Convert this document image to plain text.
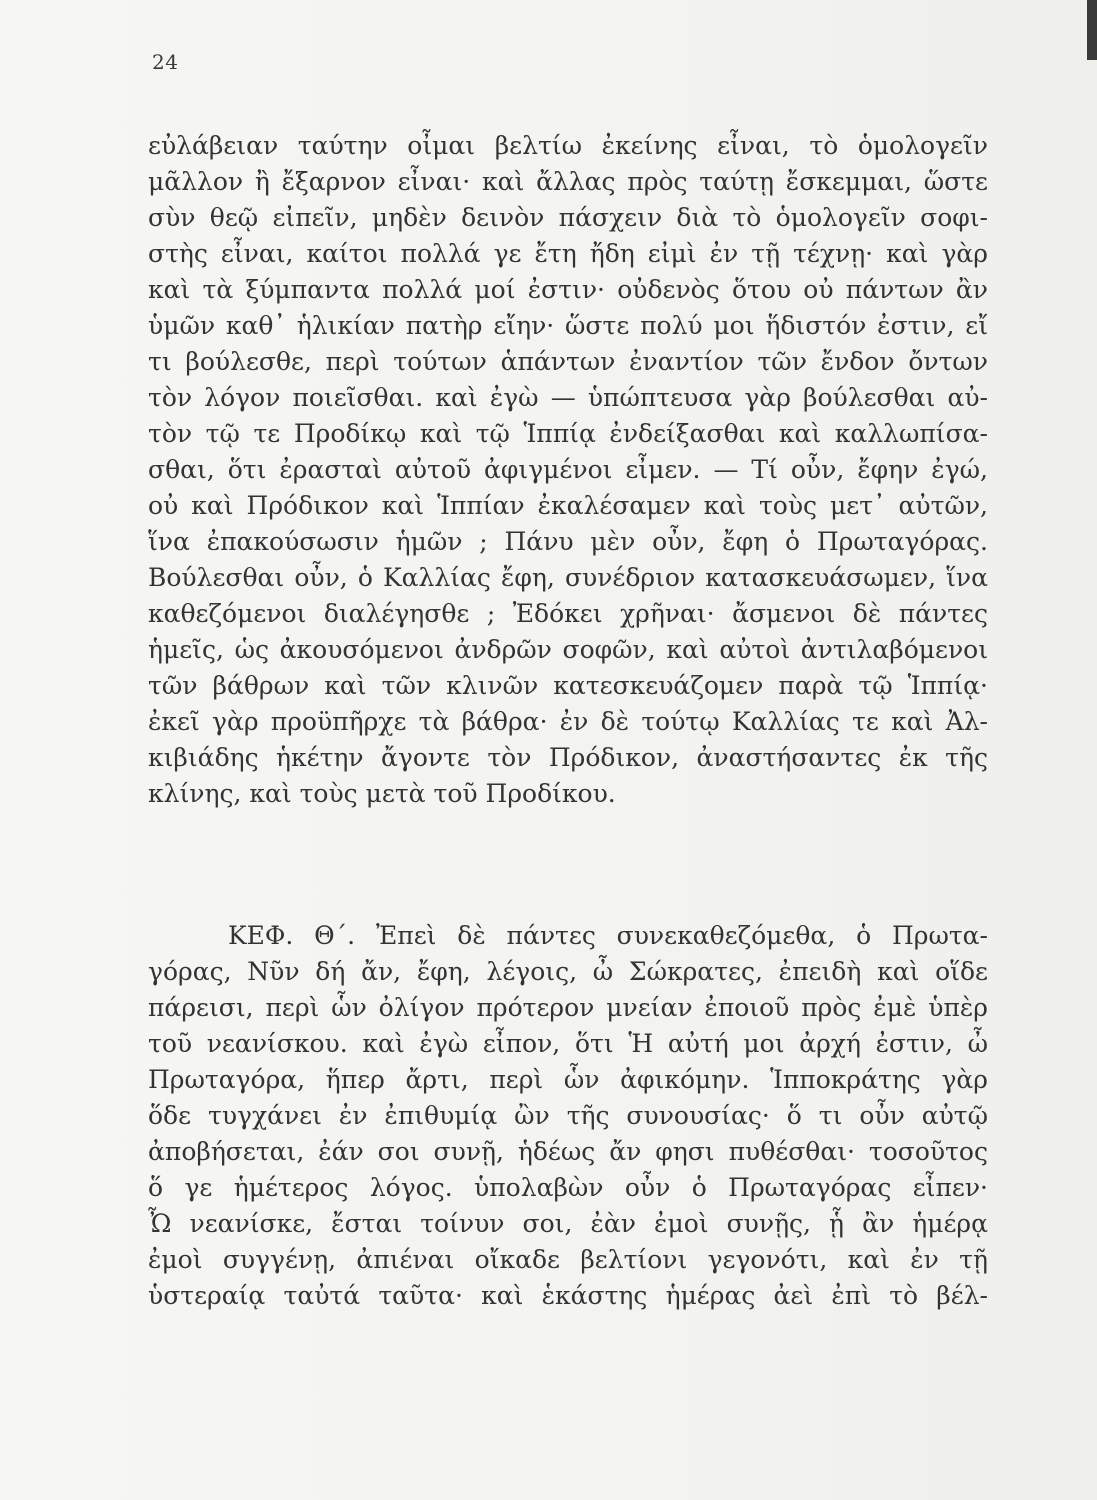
24
εὐλάβειαν ταύτην οἶμαι βελτίω ἐκείνης εἶναι, τὸ ὁμολογεῖν
μᾶλλον ἢ ἔξαρνον εἶναι· καὶ ἄλλας πρὸς ταύτῃ ἔσκεμμαι, ὥστε
σὺν θεῷ εἰπεῖν, μηδὲν δεινὸν πάσχειν διὰ τὸ ὁμολογεῖν σοφι-
στὴς εἶναι, καίτοι πολλά γε ἔτη ἤδη εἰμὶ ἐν τῇ τέχνῃ· καὶ γὰρ
καὶ τὰ ξύμπαντα πολλά μοί ἐστιν· οὐδενὸς ὅτου οὐ πάντων ἂν
ὑμῶν καθ᾽ ἡλικίαν πατὴρ εἴην· ὥστε πολύ μοι ἥδιστόν ἐστιν, εἴ
τι βούλεσθε, περὶ τούτων ἁπάντων ἐναντίον τῶν ἔνδον ὄντων
τὸν λόγον ποιεῖσθαι. καὶ ἐγὼ — ὑπώπτευσα γὰρ βούλεσθαι αὐ-
τὸν τῷ τε Προδίκῳ καὶ τῷ Ἱππίᾳ ἐνδείξασθαι καὶ καλλωπίσα-
σθαι, ὅτι ἐρασταὶ αὐτοῦ ἀφιγμένοι εἶμεν. — Τί οὖν, ἔφην ἐγώ,
οὐ καὶ Πρόδικον καὶ Ἱππίαν ἐκαλέσαμεν καὶ τοὺς μετ᾽ αὐτῶν,
ἵνα ἐπακούσωσιν ἡμῶν ; Πάνυ μὲν οὖν, ἔφη ὁ Πρωταγόρας.
Βούλεσθαι οὖν, ὁ Καλλίας ἔφη, συνέδριον κατασκευάσωμεν, ἵνα
καθεζόμενοι διαλέγησθε ; Ἐδόκει χρῆναι· ἄσμενοι δὲ πάντες
ἡμεῖς, ὡς ἀκουσόμενοι ἀνδρῶν σοφῶν, καὶ αὐτοὶ ἀντιλαβόμενοι
τῶν βάθρων καὶ τῶν κλινῶν κατεσκευάζομεν παρὰ τῷ Ἱππίᾳ·
ἐκεῖ γὰρ προϋπῆρχε τὰ βάθρα· ἐν δὲ τούτῳ Καλλίας τε καὶ Ἀλ-
κιβιάδης ἡκέτην ἄγοντε τὸν Πρόδικον, ἀναστήσαντες ἐκ τῆς
κλίνης, καὶ τοὺς μετὰ τοῦ Προδίκου.
ΚΕΦ. Θ΄. Ἐπεὶ δὲ πάντες συνεκαθεζόμεθα, ὁ Πρωτα-
γόρας, Νῦν δή ἄν, ἔφη, λέγοις, ὦ Σώκρατες, ἐπειδὴ καὶ οἵδε
πάρεισι, περὶ ὧν ὀλίγον πρότερον μνείαν ἐποιοῦ πρὸς ἐμὲ ὑπὲρ
τοῦ νεανίσκου. καὶ ἐγὼ εἶπον, ὅτι Ἡ αὐτή μοι ἀρχή ἐστιν, ὦ
Πρωταγόρα, ἥπερ ἄρτι, περὶ ὧν ἀφικόμην. Ἱπποκράτης γὰρ
ὅδε τυγχάνει ἐν ἐπιθυμίᾳ ὢν τῆς συνουσίας· ὅ τι οὖν αὐτῷ
ἀποβήσεται, ἐάν σοι συνῇ, ἡδέως ἄν φησι πυθέσθαι· τοσοῦτος
ὅ γε ἡμέτερος λόγος. ὑπολαβὼν οὖν ὁ Πρωταγόρας εἶπεν·
Ὦ νεανίσκε, ἔσται τοίνυν σοι, ἐὰν ἐμοὶ συνῇς, ᾗ ἂν ἡμέρᾳ
ἐμοὶ συγγένῃ, ἀπιέναι οἴκαδε βελτίονι γεγονότι, καὶ ἐν τῇ
ὑστεραίᾳ ταὐτά ταῦτα· καὶ ἑκάστης ἡμέρας ἀεὶ ἐπὶ τὸ βέλ-
